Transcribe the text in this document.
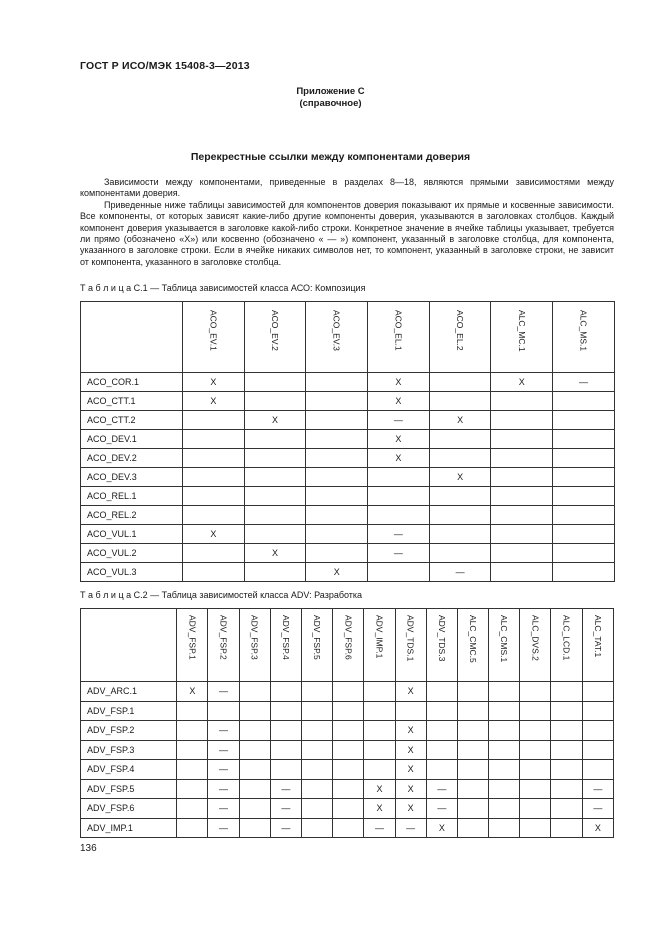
ГОСТ Р ИСО/МЭК 15408-3—2013
Приложение С
(справочное)
Перекрестные ссылки между компонентами доверия

Зависимости между компонентами, приведенные в разделах 8—18, являются прямыми зависимостями между компонентами доверия.

Приведенные ниже таблицы зависимостей для компонентов доверия показывают их прямые и косвенные зависимости. Все компоненты, от которых зависят какие-либо другие компоненты доверия, указываются в заголовках столбцов. Каждый компонент доверия указывается в заголовке какой-либо строки. Конкретное значение в ячейке таблицы указывает, требуется ли прямо (обозначено «X») или косвенно (обозначено « — ») компонент, указанный в заголовке столбца, для компонента, указанного в заголовке строки. Если в ячейке никаких символов нет, то компонент, указанный в заголовке строки, не зависит от компонента, указанного в заголовке столбца.

Т а б л и ц а С.1 — Таблица зависимостей класса АСО: Композиция
	ACO_EV.1	ACO_EV.2	ACO_EV.3	ACO_EL.1	ACO_EL.2	ALC_MC.1	ALC_MS.1
ACO_COR.1	X			X		X	—
ACO_CTT.1	X			X			
ACO_CTT.2		X		—	X		
ACO_DEV.1				X			
ACO_DEV.2				X			
ACO_DEV.3					X		
ACO_REL.1							
ACO_REL.2							
ACO_VUL.1	X			—			
ACO_VUL.2		X		—			
ACO_VUL.3			X		—		
Т а б л и ц а С.2 — Таблица зависимостей класса ADV: Разработка
	ADV_FSP.1	ADV_FSP.2	ADV_FSP.3	ADV_FSP.4	ADV_FSP.5	ADV_FSP.6	ADV_IMP.1	ADV_TDS.1	ADV_TDS.3	ALC_CMC.5	ALC_CMS.1	ALC_DVS.2	ALC_LCD.1	ALC_TAT.1
ADV_ARC.1	X	—						X						
ADV_FSP.1														
ADV_FSP.2		—						X						
ADV_FSP.3		—						X						
ADV_FSP.4		—						X						
ADV_FSP.5		—		—			X	X	—					—
ADV_FSP.6		—		—			X	X	—					—
ADV_IMP.1		—		—			—	—	X					X
136
